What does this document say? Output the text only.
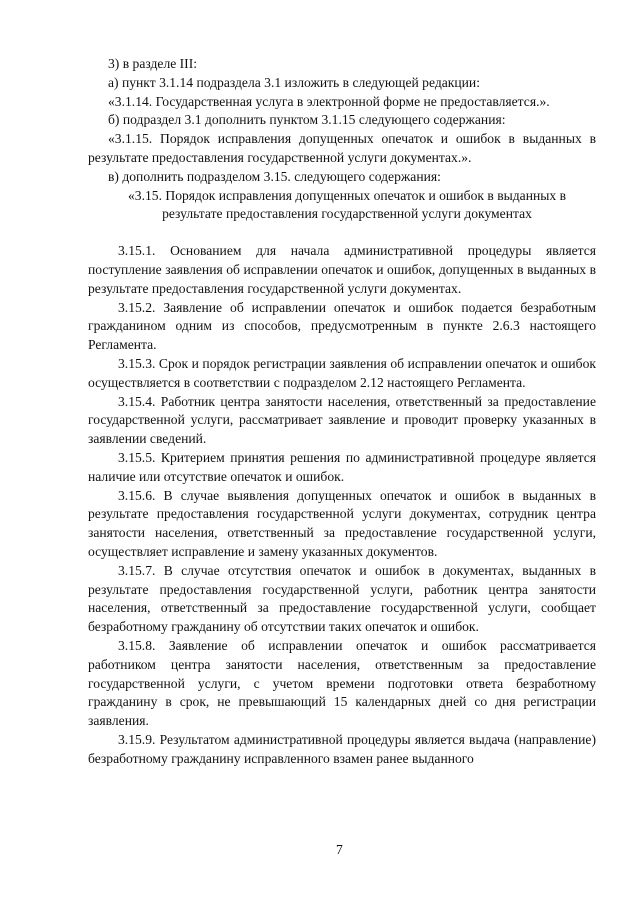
3) в разделе III:

а) пункт 3.1.14 подраздела 3.1 изложить в следующей редакции:

«3.1.14. Государственная услуга в электронной форме не предоставляется.».

б) подраздел 3.1 дополнить пунктом 3.1.15 следующего содержания:

«3.1.15. Порядок исправления допущенных опечаток и ошибок в выданных в результате предоставления государственной услуги документах.».

в) дополнить подразделом 3.15. следующего содержания:

«3.15. Порядок исправления допущенных опечаток и ошибок в выданных в результате предоставления государственной услуги документах

3.15.1. Основанием для начала административной процедуры является поступление заявления об исправлении опечаток и ошибок, допущенных в выданных в результате предоставления государственной услуги документах.

3.15.2. Заявление об исправлении опечаток и ошибок подается безработным гражданином одним из способов, предусмотренным в пункте 2.6.3 настоящего Регламента.

3.15.3. Срок и порядок регистрации заявления об исправлении опечаток и ошибок осуществляется в соответствии с подразделом 2.12 настоящего Регламента.

3.15.4. Работник центра занятости населения, ответственный за предоставление государственной услуги, рассматривает заявление и проводит проверку указанных в заявлении сведений.

3.15.5. Критерием принятия решения по административной процедуре является наличие или отсутствие опечаток и ошибок.

3.15.6. В случае выявления допущенных опечаток и ошибок в выданных в результате предоставления государственной услуги документах, сотрудник центра занятости населения, ответственный за предоставление государственной услуги, осуществляет исправление и замену указанных документов.

3.15.7. В случае отсутствия опечаток и ошибок в документах, выданных в результате предоставления государственной услуги, работник центра занятости населения, ответственный за предоставление государственной услуги, сообщает безработному гражданину об отсутствии таких опечаток и ошибок.

3.15.8. Заявление об исправлении опечаток и ошибок рассматривается работником центра занятости населения, ответственным за предоставление государственной услуги, с учетом времени подготовки ответа безработному гражданину в срок, не превышающий 15 календарных дней со дня регистрации заявления.

3.15.9. Результатом административной процедуры является выдача (направление) безработному гражданину исправленного взамен ранее выданного

7
